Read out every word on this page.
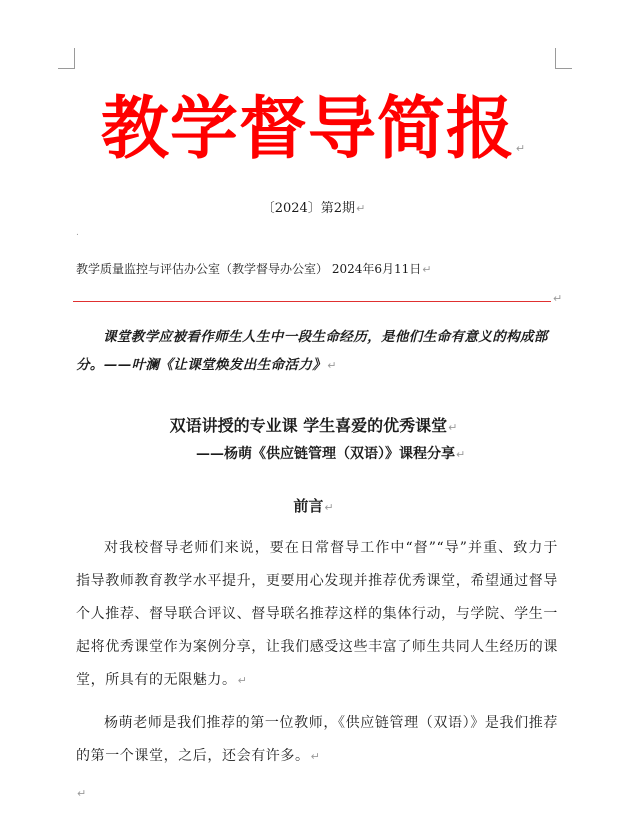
教学督导简报↵
〔2024〕第2期↵
.
教学质量监控与评估办公室（教学督导办公室） 2024年6月11日↵
↵
课堂教学应被看作师生人生中一段生命经历，是他们生命有意义的构成部分。——叶澜《让课堂焕发出生命活力》↵
双语讲授的专业课 学生喜爱的优秀课堂↵
——杨萌《供应链管理（双语）》课程分享↵
前言↵
对我校督导老师们来说，要在日常督导工作中“督”“导”并重、致力于指导教师教育教学水平提升，更要用心发现并推荐优秀课堂，希望通过督导个人推荐、督导联合评议、督导联名推荐这样的集体行动，与学院、学生一起将优秀课堂作为案例分享，让我们感受这些丰富了师生共同人生经历的课堂，所具有的无限魅力。↵
杨萌老师是我们推荐的第一位教师，《供应链管理（双语）》是我们推荐的第一个课堂，之后，还会有许多。↵
↵
